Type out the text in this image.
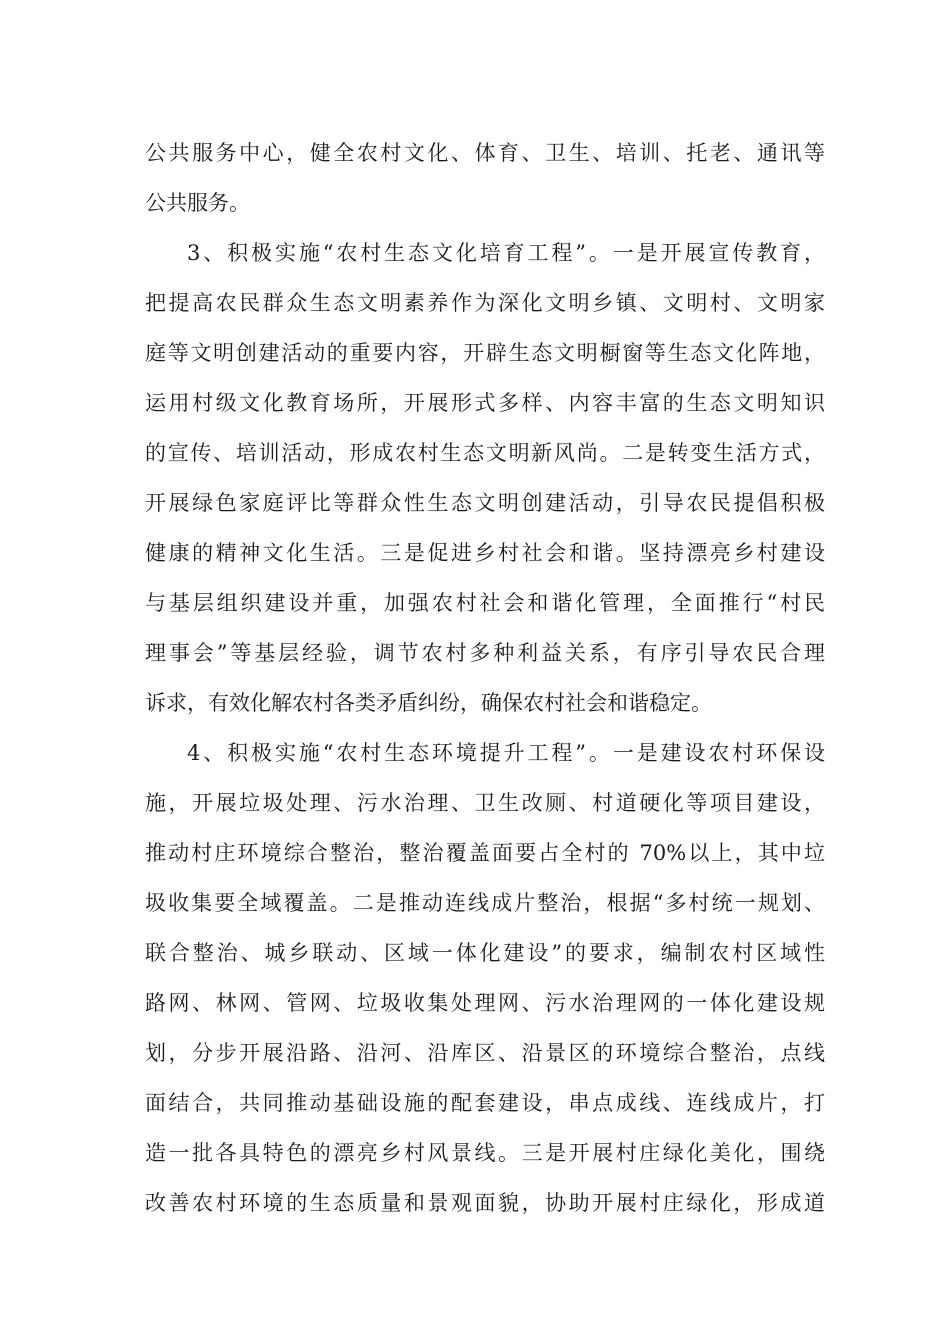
公共服务中心，健全农村文化、体育、卫生、培训、托老、通讯等
公共服务。
3、积极实施“农村生态文化培育工程”。一是开展宣传教育，
把提高农民群众生态文明素养作为深化文明乡镇、文明村、文明家
庭等文明创建活动的重要内容，开辟生态文明橱窗等生态文化阵地，
运用村级文化教育场所，开展形式多样、内容丰富的生态文明知识
的宣传、培训活动，形成农村生态文明新风尚。二是转变生活方式，
开展绿色家庭评比等群众性生态文明创建活动，引导农民提倡积极
健康的精神文化生活。三是促进乡村社会和谐。坚持漂亮乡村建设
与基层组织建设并重，加强农村社会和谐化管理，全面推行“村民
理事会”等基层经验，调节农村多种利益关系，有序引导农民合理
诉求，有效化解农村各类矛盾纠纷，确保农村社会和谐稳定。
4、积极实施“农村生态环境提升工程”。一是建设农村环保设
施，开展垃圾处理、污水治理、卫生改厕、村道硬化等项目建设，
推动村庄环境综合整治，整治覆盖面要占全村的 70%以上，其中垃
圾收集要全域覆盖。二是推动连线成片整治，根据“多村统一规划、
联合整治、城乡联动、区域一体化建设”的要求，编制农村区域性
路网、林网、管网、垃圾收集处理网、污水治理网的一体化建设规
划，分步开展沿路、沿河、沿库区、沿景区的环境综合整治，点线
面结合，共同推动基础设施的配套建设，串点成线、连线成片，打
造一批各具特色的漂亮乡村风景线。三是开展村庄绿化美化，围绕
改善农村环境的生态质量和景观面貌，协助开展村庄绿化，形成道
